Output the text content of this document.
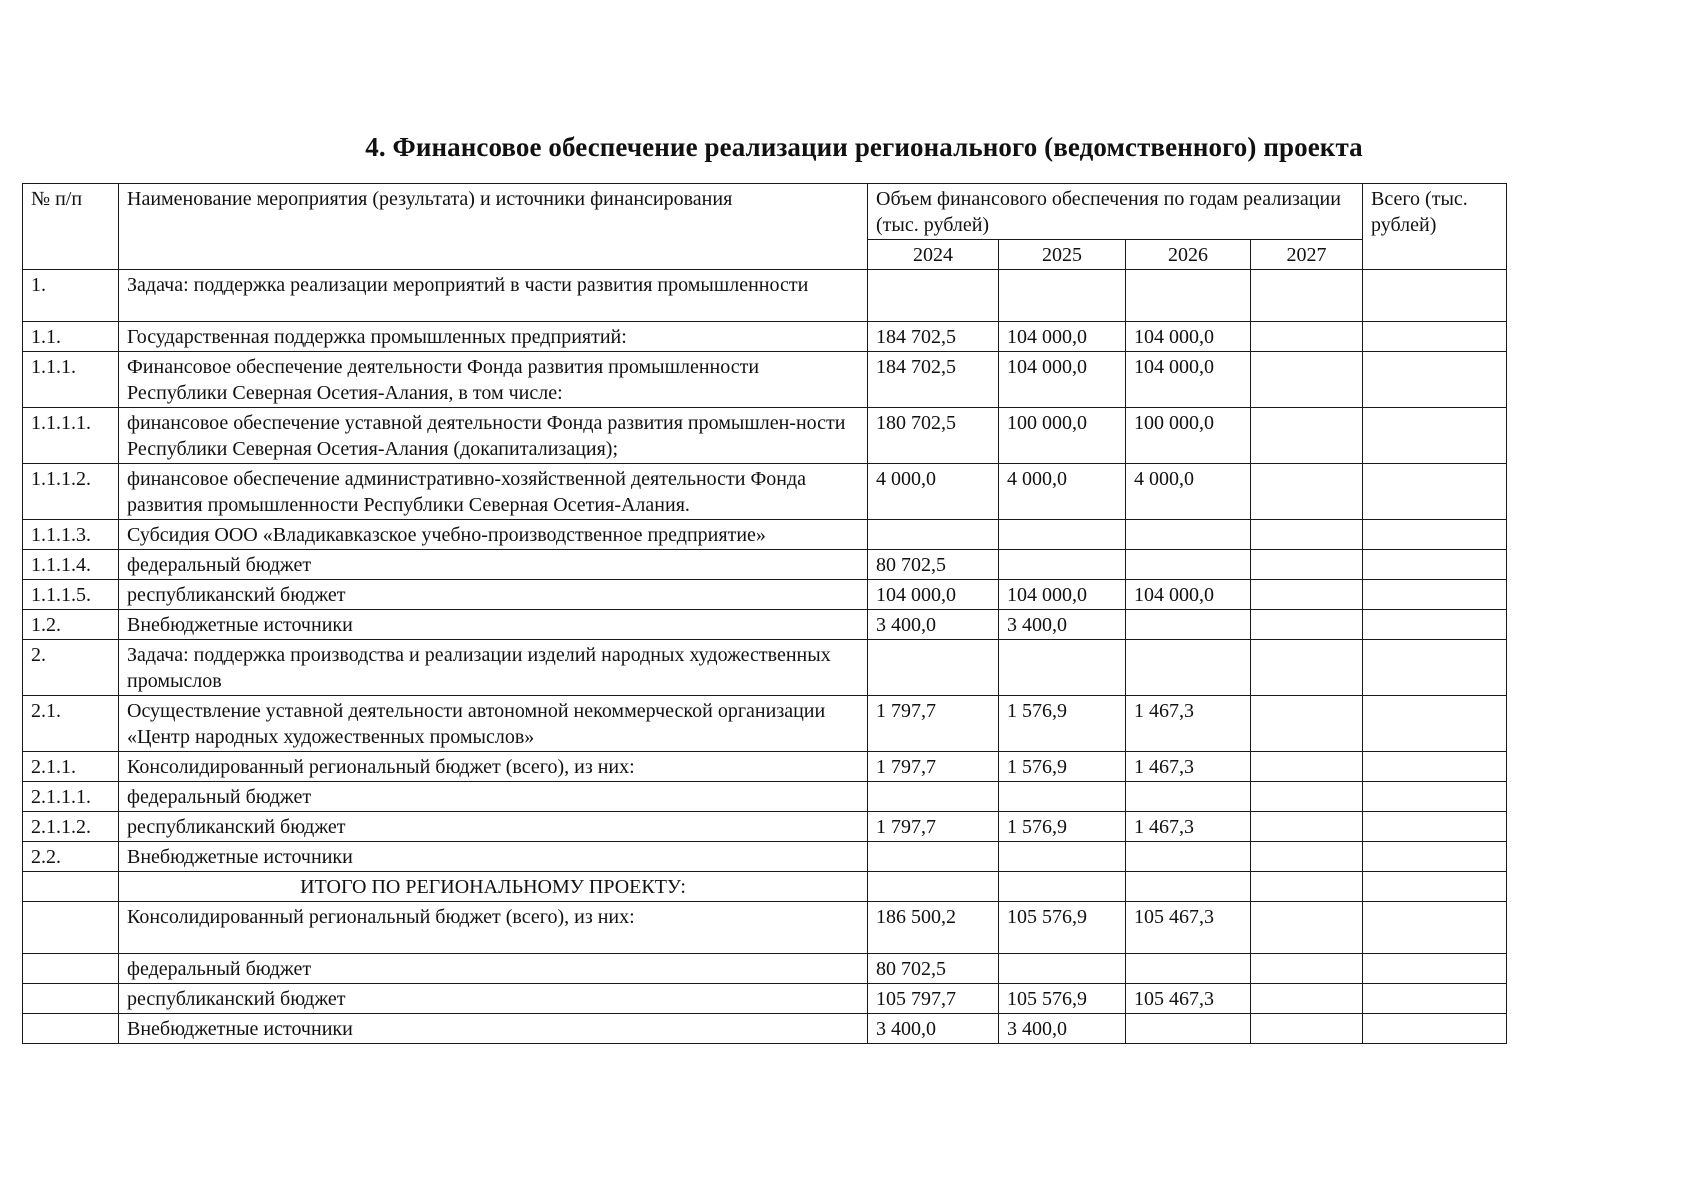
4. Финансовое обеспечение реализации регионального (ведомственного) проекта
№ п/п	Наименование мероприятия (результата) и источники финансирования	Объем финансового обеспечения по годам реализации (тыс. рублей)				Всего (тыс. рублей)
		2024	2025	2026	2027	
1.	Задача: поддержка реализации мероприятий в части развития промышленности					
1.1.	Государственная поддержка промышленных предприятий:	184 702,5	104 000,0	104 000,0		
1.1.1.	Финансовое обеспечение деятельности Фонда развития промышленности Республики Северная Осетия-Алания, в том числе:	184 702,5	104 000,0	104 000,0		
1.1.1.1.	финансовое обеспечение уставной деятельности Фонда развития промышлен-ности Республики Северная Осетия-Алания (докапитализация);	180 702,5	100 000,0	100 000,0		
1.1.1.2.	финансовое обеспечение административно-хозяйственной деятельности Фонда развития промышленности Республики Северная Осетия-Алания.	4 000,0	4 000,0	4 000,0		
1.1.1.3.	Субсидия ООО «Владикавказское учебно-производственное предприятие»					
1.1.1.4.	федеральный бюджет	80 702,5				
1.1.1.5.	республиканский бюджет	104 000,0	104 000,0	104 000,0		
1.2.	Внебюджетные источники	3 400,0	3 400,0			
2.	Задача: поддержка производства и реализации изделий народных художественных промыслов					
2.1.	Осуществление уставной деятельности автономной некоммерческой организации «Центр народных художественных промыслов»	1 797,7	1 576,9	1 467,3		
2.1.1.	Консолидированный региональный бюджет (всего), из них:	1 797,7	1 576,9	1 467,3		
2.1.1.1.	федеральный бюджет					
2.1.1.2.	республиканский бюджет	1 797,7	1 576,9	1 467,3		
2.2.	Внебюджетные источники					
	ИТОГО ПО РЕГИОНАЛЬНОМУ ПРОЕКТУ:					
	Консолидированный региональный бюджет (всего), из них:	186 500,2	105 576,9	105 467,3		
	федеральный бюджет	80 702,5				
	республиканский бюджет	105 797,7	105 576,9	105 467,3		
	Внебюджетные источники	3 400,0	3 400,0			
